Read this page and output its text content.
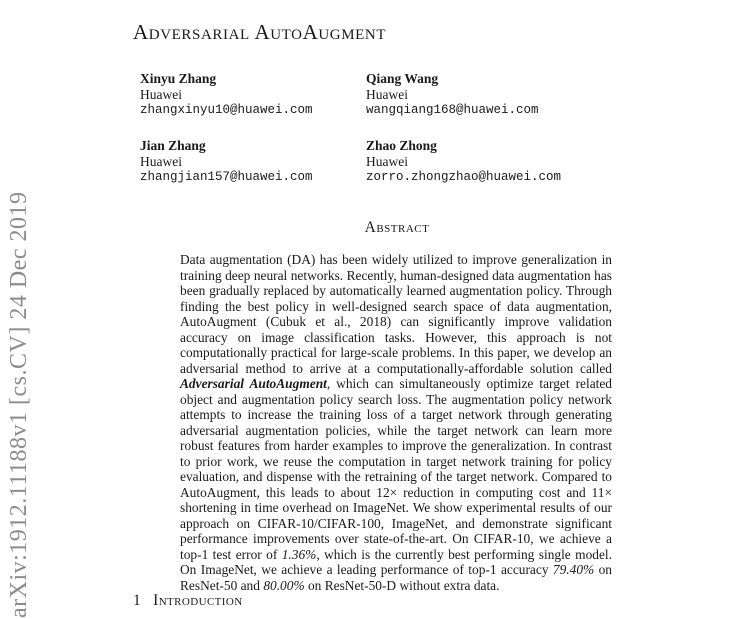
arXiv:1912.11188v1 [cs.CV] 24 Dec 2019
Adversarial AutoAugment
Xinyu Zhang
Huawei
zhangxinyu10@huawei.com
Qiang Wang
Huawei
wangqiang168@huawei.com
Jian Zhang
Huawei
zhangjian157@huawei.com
Zhao Zhong
Huawei
zorro.zhongzhao@huawei.com
Abstract

Data augmentation (DA) has been widely utilized to improve generalization in training deep neural networks. Recently, human-designed data augmentation has been gradually replaced by automatically learned augmentation policy. Through finding the best policy in well-designed search space of data augmentation, AutoAugment (Cubuk et al., 2018) can significantly improve validation accuracy on image classification tasks. However, this approach is not computationally practical for large-scale problems. In this paper, we develop an adversarial method to arrive at a computationally-affordable solution called Adversarial AutoAugment, which can simultaneously optimize target related object and augmentation policy search loss. The augmentation policy network attempts to increase the training loss of a target network through generating adversarial augmentation policies, while the target network can learn more robust features from harder examples to improve the generalization. In contrast to prior work, we reuse the computation in target network training for policy evaluation, and dispense with the retraining of the target network. Compared to AutoAugment, this leads to about 12× reduction in computing cost and 11× shortening in time overhead on ImageNet. We show experimental results of our approach on CIFAR-10/CIFAR-100, ImageNet, and demonstrate significant performance improvements over state-of-the-art. On CIFAR-10, we achieve a top-1 test error of 1.36%, which is the currently best performing single model. On ImageNet, we achieve a leading performance of top-1 accuracy 79.40% on ResNet-50 and 80.00% on ResNet-50-D without extra data.

1 Introduction
